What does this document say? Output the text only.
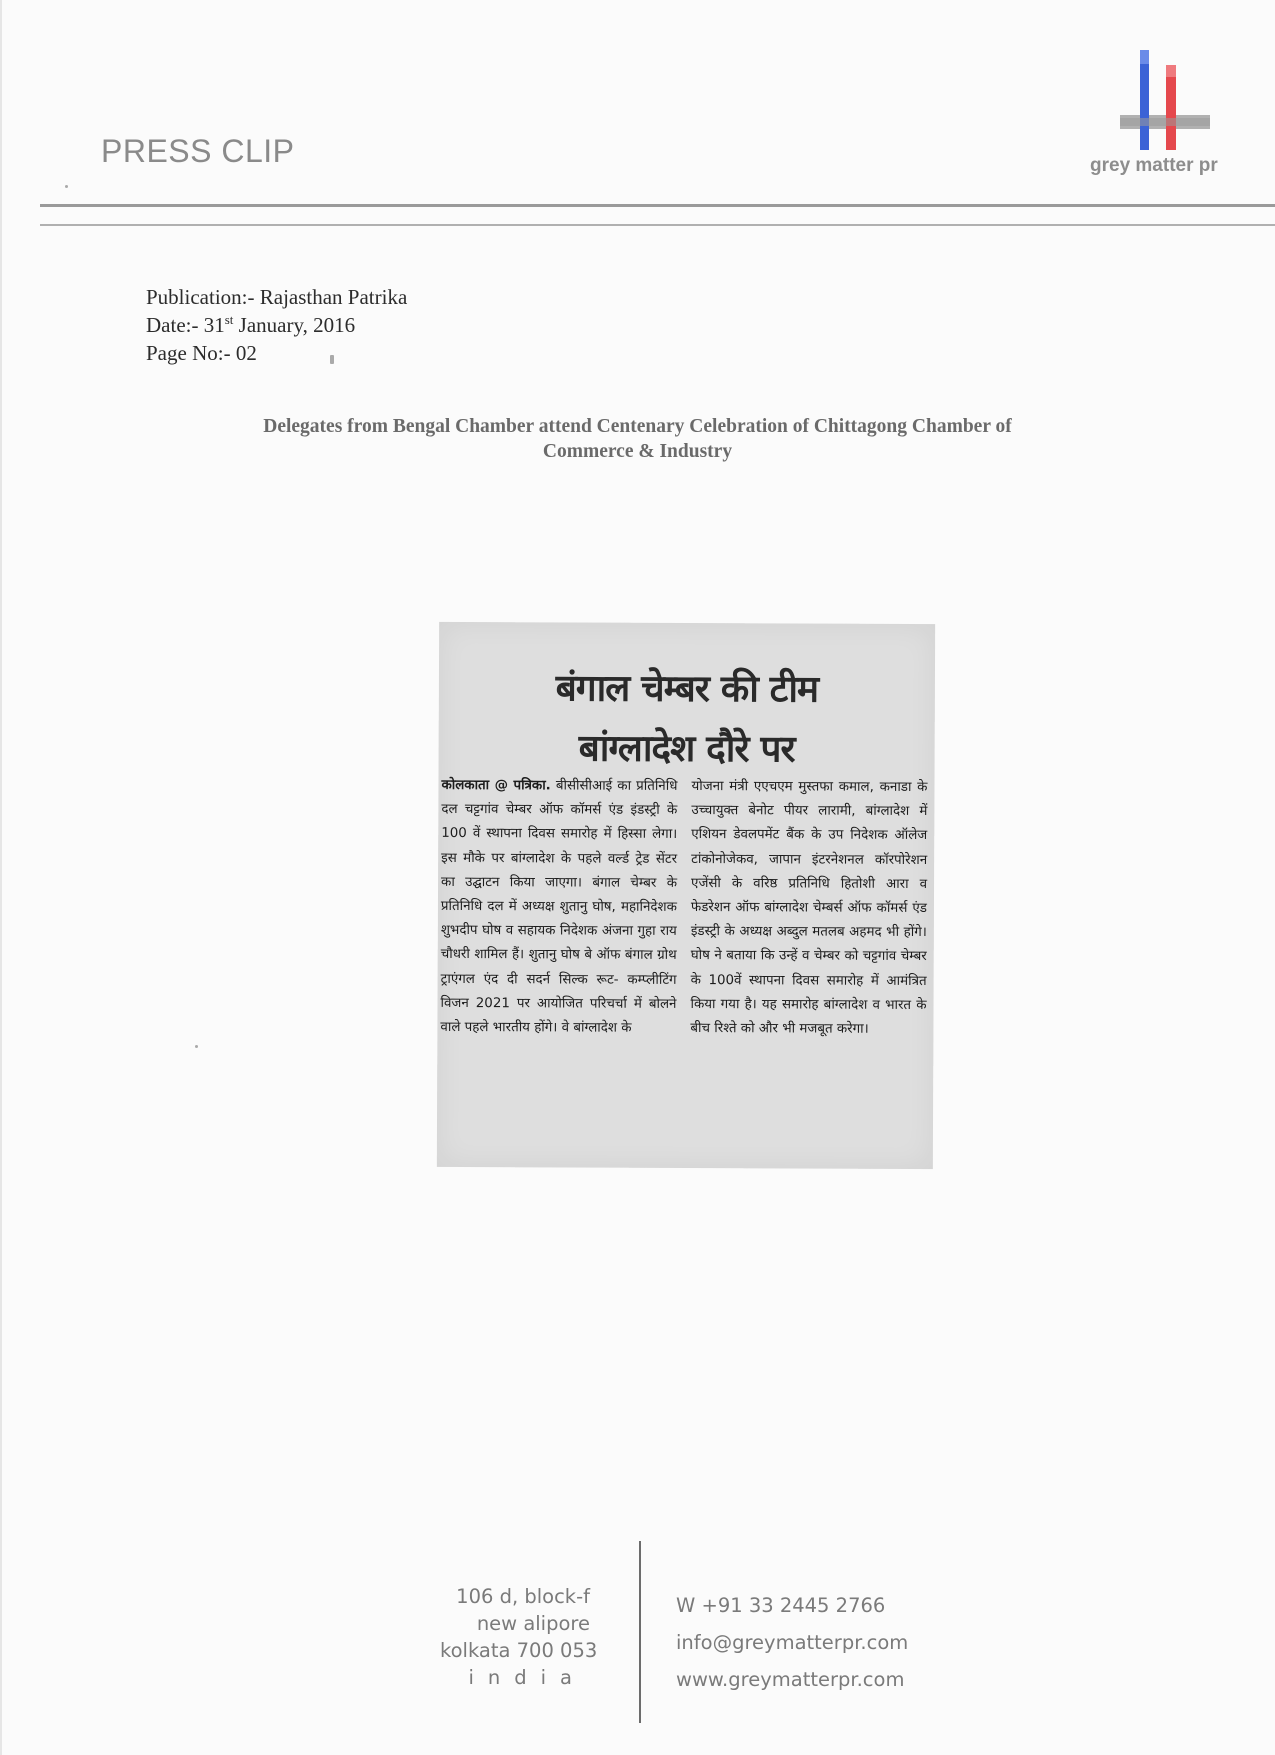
PRESS CLIP	grey matter pr
Publication:- Rajasthan Patrika
Date:- 31st January, 2016
Page No:- 02
Delegates from Bengal Chamber attend Centenary Celebration of Chittagong Chamber of
Commerce & Industry
बंगाल चेम्बर की टीम
बांग्लादेश दौरे पर
कोलकाता @ पत्रिका. बीसीसीआई का प्रतिनिधि दल चट्टगांव चेम्बर ऑफ कॉमर्स एंड इंडस्ट्री के 100 वें स्थापना दिवस समारोह में हिस्सा लेगा। इस मौके पर बांग्लादेश के पहले वर्ल्ड ट्रेड सेंटर का उद्घाटन किया जाएगा। बंगाल चेम्बर के प्रतिनिधि दल में अध्यक्ष शुतानु घोष, महानिदेशक शुभदीप घोष व सहायक निदेशक अंजना गुहा राय चौधरी शामिल हैं। शुतानु घोष बे ऑफ बंगाल ग्रोथ ट्राएंगल एंद दी सदर्न सिल्क रूट- कम्प्लीटिंग विजन 2021 पर आयोजित परिचर्चा में बोलने वाले पहले भारतीय होंगे। वे बांग्लादेश के
योजना मंत्री एएचएम मुस्तफा कमाल, कनाडा के उच्चायुक्त बेनोट पीयर लारामी, बांग्लादेश में एशियन डेवलपमेंट बैंक के उप निदेशक ऑलेज टांकोनोजेकव, जापान इंटरनेशनल कॉरपोरेशन एजेंसी के वरिष्ठ प्रतिनिधि हितोशी आरा व फेडरेशन ऑफ बांग्लादेश चेम्बर्स ऑफ कॉमर्स एंड इंडस्ट्री के अध्यक्ष अब्दुल मतलब अहमद भी होंगे। घोष ने बताया कि उन्हें व चेम्बर को चट्टगांव चेम्बर के 100वें स्थापना दिवस समारोह में आमंत्रित किया गया है। यह समारोह बांग्लादेश व भारत के बीच रिश्ते को और भी मजबूत करेगा।
106 d, block-f
new alipore
kolkata 700 053
india
W +91 33 2445 2766
info@greymatterpr.com
www.greymatterpr.com
